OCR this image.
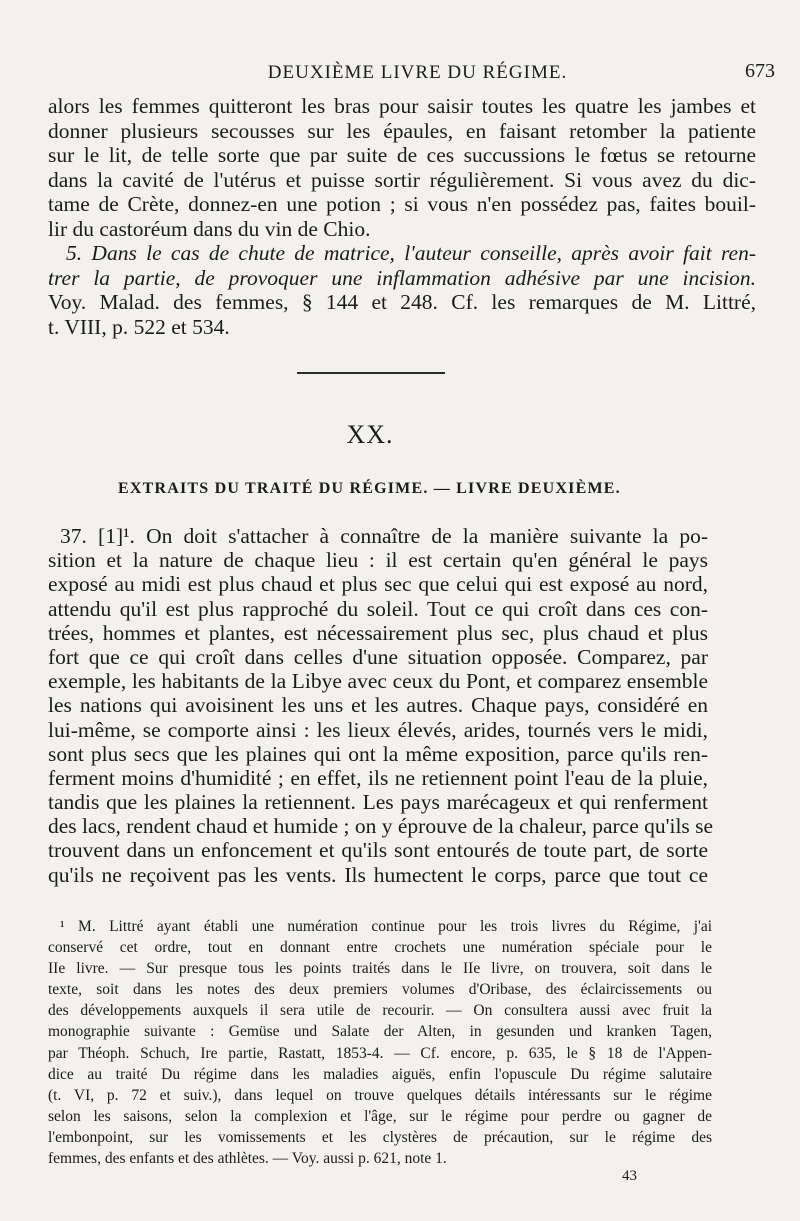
DEUXIÈME LIVRE DU RÉGIME.	673
alors les femmes quitteront les bras pour saisir toutes les quatre les jambes et
donner plusieurs secousses sur les épaules, en faisant retomber la patiente
sur le lit, de telle sorte que par suite de ces succussions le fœtus se retourne
dans la cavité de l'utérus et puisse sortir régulièrement. Si vous avez du dic-
tame de Crète, donnez-en une potion ; si vous n'en possédez pas, faites bouil-
lir du castoréum dans du vin de Chio.
5. Dans le cas de chute de matrice, l'auteur conseille, après avoir fait ren-
trer la partie, de provoquer une inflammation adhésive par une incision.
Voy. Malad. des femmes, § 144 et 248. Cf. les remarques de M. Littré,
t. VIII, p. 522 et 534.
XX.
EXTRAITS DU TRAITÉ DU RÉGIME. — LIVRE DEUXIÈME.
37. [1]¹. On doit s'attacher à connaître de la manière suivante la po-
sition et la nature de chaque lieu : il est certain qu'en général le pays
exposé au midi est plus chaud et plus sec que celui qui est exposé au nord,
attendu qu'il est plus rapproché du soleil. Tout ce qui croît dans ces con-
trées, hommes et plantes, est nécessairement plus sec, plus chaud et plus
fort que ce qui croît dans celles d'une situation opposée. Comparez, par
exemple, les habitants de la Libye avec ceux du Pont, et comparez ensemble
les nations qui avoisinent les uns et les autres. Chaque pays, considéré en
lui-même, se comporte ainsi : les lieux élevés, arides, tournés vers le midi,
sont plus secs que les plaines qui ont la même exposition, parce qu'ils ren-
ferment moins d'humidité ; en effet, ils ne retiennent point l'eau de la pluie,
tandis que les plaines la retiennent. Les pays marécageux et qui renferment
des lacs, rendent chaud et humide ; on y éprouve de la chaleur, parce qu'ils se
trouvent dans un enfoncement et qu'ils sont entourés de toute part, de sorte
qu'ils ne reçoivent pas les vents. Ils humectent le corps, parce que tout ce
¹ M. Littré ayant établi une numération continue pour les trois livres du Régime, j'ai
conservé cet ordre, tout en donnant entre crochets une numération spéciale pour le
IIe livre. — Sur presque tous les points traités dans le IIe livre, on trouvera, soit dans le
texte, soit dans les notes des deux premiers volumes d'Oribase, des éclaircissements ou
des développements auxquels il sera utile de recourir. — On consultera aussi avec fruit la
monographie suivante : Gemüse und Salate der Alten, in gesunden und kranken Tagen,
par Théoph. Schuch, Ire partie, Rastatt, 1853-4. — Cf. encore, p. 635, le § 18 de l'Appen-
dice au traité Du régime dans les maladies aiguës, enfin l'opuscule Du régime salutaire
(t. VI, p. 72 et suiv.), dans lequel on trouve quelques détails intéressants sur le régime
selon les saisons, selon la complexion et l'âge, sur le régime pour perdre ou gagner de
l'embonpoint, sur les vomissements et les clystères de précaution, sur le régime des
femmes, des enfants et des athlètes. — Voy. aussi p. 621, note 1.
43
